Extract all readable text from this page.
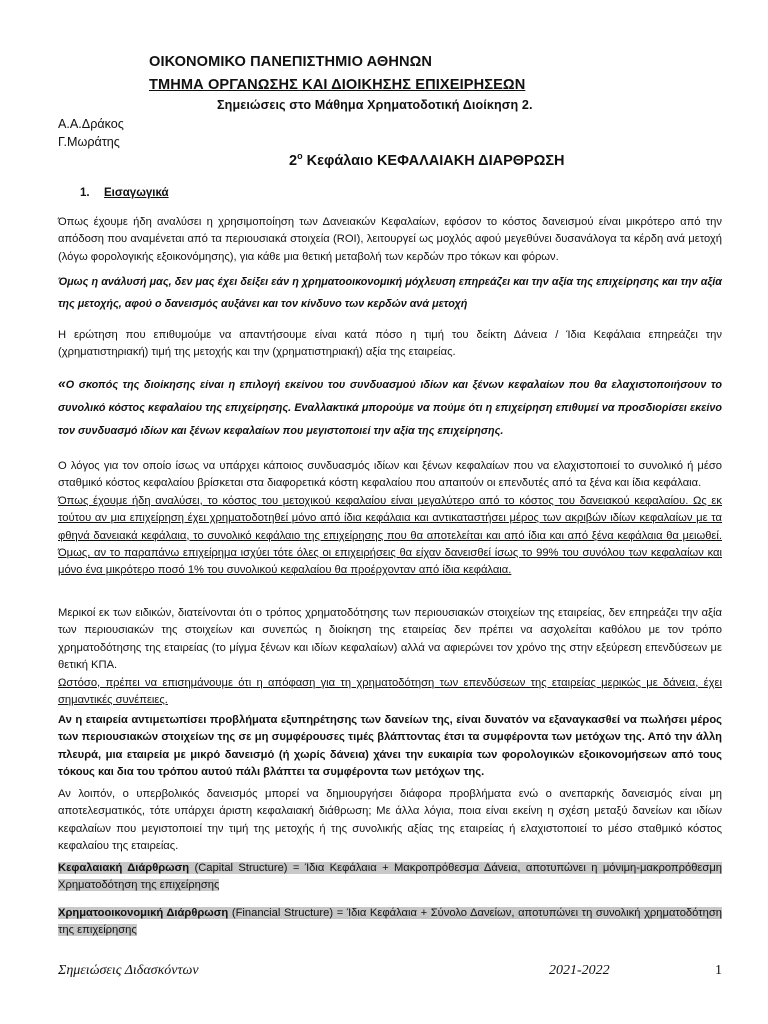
ΟΙΚΟΝΟΜΙΚΟ ΠΑΝΕΠΙΣΤΗΜΙΟ ΑΘΗΝΩΝ
ΤΜΗΜΑ ΟΡΓΑΝΩΣΗΣ ΚΑΙ ΔΙΟΙΚΗΣΗΣ ΕΠΙΧΕΙΡΗΣΕΩΝ
Σημειώσεις στο Μάθημα Χρηματοδοτική Διοίκηση 2.
Α.Α.Δράκος
Γ.Μωράτης
$2^o$ Κεφάλαιο ΚΕΦΑΛΑΙΑΚΗ ΔΙΑΡΘΡΩΣΗ
1. Εισαγωγικά
Όπως έχουμε ήδη αναλύσει η χρησιμοποίηση των Δανειακών Κεφαλαίων, εφόσον το κόστος δανεισμού είναι μικρότερο από την απόδοση που αναμένεται από τα περιουσιακά στοιχεία (ROI), λειτουργεί ως μοχλός αφού μεγεθύνει δυσανάλογα τα κέρδη ανά μετοχή (λόγω φορολογικής εξοικονόμησης), για κάθε μια θετική μεταβολή των κερδών προ τόκων και φόρων.
Όμως η ανάλυσή μας, δεν μας έχει δείξει εάν η χρηματοοικονομική μόχλευση επηρεάζει και την αξία της επιχείρησης και την αξία της μετοχής, αφού ο δανεισμός αυξάνει και τον κίνδυνο των κερδών ανά μετοχή
Η ερώτηση που επιθυμούμε να απαντήσουμε είναι κατά πόσο η τιμή του δείκτη Δάνεια / Ίδια Κεφάλαια επηρεάζει την (χρηματιστηριακή) τιμή της μετοχής και την (χρηματιστηριακή) αξία της εταιρείας.
«Ο σκοπός της διοίκησης είναι η επιλογή εκείνου του συνδυασμού ιδίων και ξένων κεφαλαίων που θα ελαχιστοποιήσουν το συνολικό κόστος κεφαλαίου της επιχείρησης. Εναλλακτικά μπορούμε να πούμε ότι η επιχείρηση επιθυμεί να προσδιορίσει εκείνο τον συνδυασμό ιδίων και ξένων κεφαλαίων που μεγιστοποιεί την αξία της επιχείρησης.
Ο λόγος για τον οποίο ίσως να υπάρχει κάποιος συνδυασμός ιδίων και ξένων κεφαλαίων που να ελαχιστοποιεί το συνολικό ή μέσο σταθμικό κόστος κεφαλαίου βρίσκεται στα διαφορετικά κόστη κεφαλαίου που απαιτούν οι επενδυτές από τα ξένα και ίδια κεφάλαια.
Όπως έχουμε ήδη αναλύσει, το κόστος του μετοχικού κεφαλαίου είναι μεγαλύτερο από το κόστος του δανειακού κεφαλαίου. Ως εκ τούτου αν μια επιχείρηση έχει χρηματοδοτηθεί μόνο από ίδια κεφάλαια και αντικαταστήσει μέρος των ακριβών ιδίων κεφαλαίων με τα φθηνά δανειακά κεφάλαια, το συνολικό κεφάλαιο της επιχείρησης που θα αποτελείται και από ίδια και από ξένα κεφάλαια θα μειωθεί. Όμως, αν το παραπάνω επιχείρημα ισχύει τότε όλες οι επιχειρήσεις θα είχαν δανεισθεί ίσως το 99% του συνόλου των κεφαλαίων και μόνο ένα μικρότερο ποσό 1% του συνολικού κεφαλαίου θα προέρχονταν από ίδια κεφάλαια.
Μερικοί εκ των ειδικών, διατείνονται ότι ο τρόπος χρηματοδότησης των περιουσιακών στοιχείων της εταιρείας, δεν επηρεάζει την αξία των περιουσιακών της στοιχείων και συνεπώς η διοίκηση της εταιρείας δεν πρέπει να ασχολείται καθόλου με τον τρόπο χρηματοδότησης της εταιρείας (το μίγμα ξένων και ιδίων κεφαλαίων) αλλά να αφιερώνει τον χρόνο της στην εξεύρεση επενδύσεων με θετική ΚΠΑ.
Ωστόσο, πρέπει να επισημάνουμε ότι η απόφαση για τη χρηματοδότηση των επενδύσεων της εταιρείας μερικώς με δάνεια, έχει σημαντικές συνέπειες.
Αν η εταιρεία αντιμετωπίσει προβλήματα εξυπηρέτησης των δανείων της, είναι δυνατόν να εξαναγκασθεί να πωλήσει μέρος των περιουσιακών στοιχείων της σε μη συμφέρουσες τιμές βλάπτοντας έτσι τα συμφέροντα των μετόχων της. Από την άλλη πλευρά, μια εταιρεία με μικρό δανεισμό (ή χωρίς δάνεια) χάνει την ευκαιρία των φορολογικών εξοικονομήσεων από τους τόκους και δια του τρόπου αυτού πάλι βλάπτει τα συμφέροντα των μετόχων της.
Αν λοιπόν, ο υπερβολικός δανεισμός μπορεί να δημιουργήσει διάφορα προβλήματα ενώ ο ανεπαρκής δανεισμός είναι μη αποτελεσματικός, τότε υπάρχει άριστη κεφαλαιακή διάθρωση; Με άλλα λόγια, ποια είναι εκείνη η σχέση μεταξύ δανείων και ιδίων κεφαλαίων που μεγιστοποιεί την τιμή της μετοχής ή της συνολικής αξίας της εταιρείας ή ελαχιστοποιεί το μέσο σταθμικό κόστος κεφαλαίου της εταιρείας.
Κεφαλαιακή Διάρθρωση (Capital Structure) = Ίδια Κεφάλαια + Μακροπρόθεσμα Δάνεια, αποτυπώνει η μόνιμη-μακροπρόθεσμη Χρηματοδότηση της επιχείρησης
Χρηματοοικονομική Διάρθρωση (Financial Structure) = Ίδια Κεφάλαια + Σύνολο Δανείων, αποτυπώνει τη συνολική χρηματοδότηση της επιχείρησης
Σημειώσεις Διδασκόντων	2021-2022	1
